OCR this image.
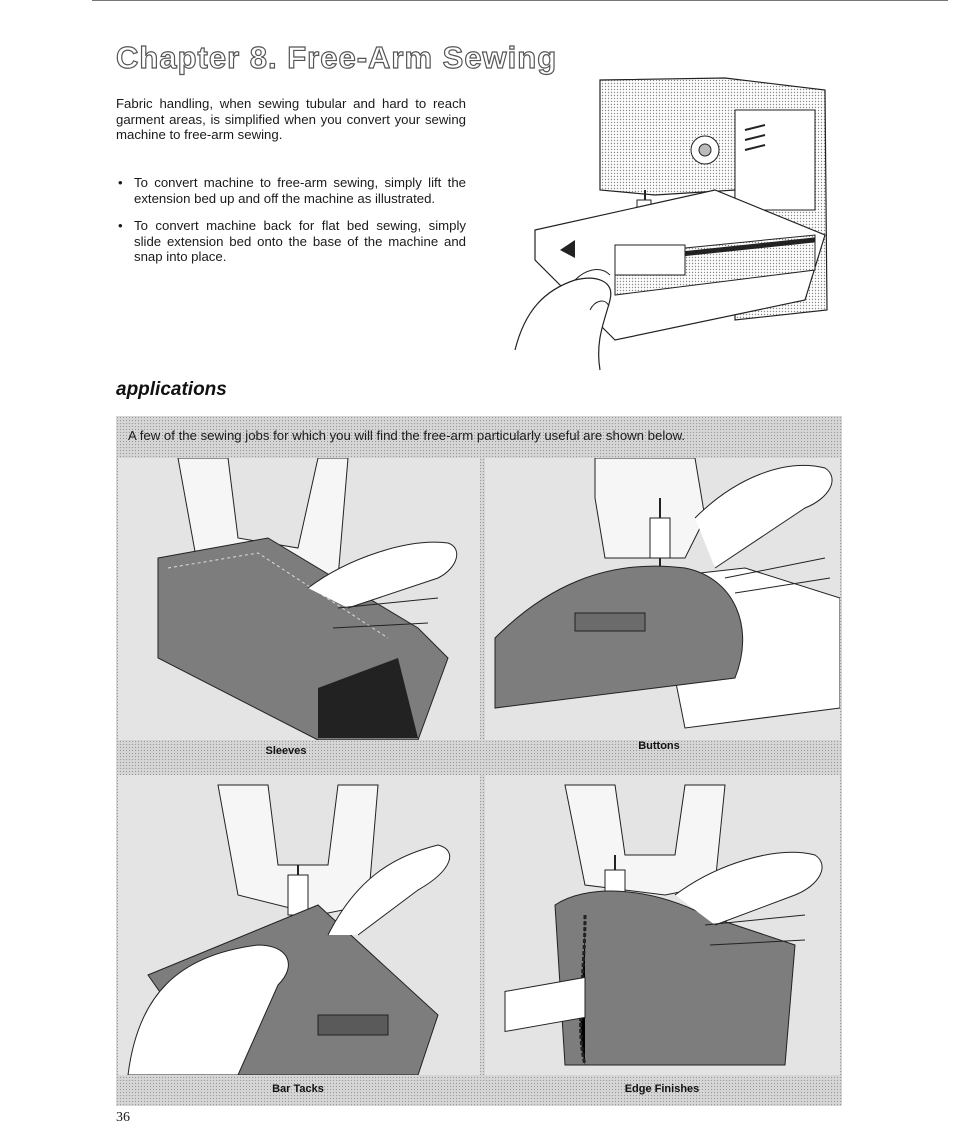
Chapter 8. Free-Arm Sewing

Fabric handling, when sewing tubular and hard to reach garment areas, is simplified when you convert your sewing machine to free-arm sewing.

• To convert machine to free-arm sewing, simply lift the extension bed up and off the machine as illustrated.
• To convert machine back for flat bed sewing, simply slide extension bed onto the base of the machine and snap into place.
applications

A few of the sewing jobs for which you will find the free-arm particularly useful are shown below.

Sleeves	Buttons
Bar Tacks	Edge Finishes
36
